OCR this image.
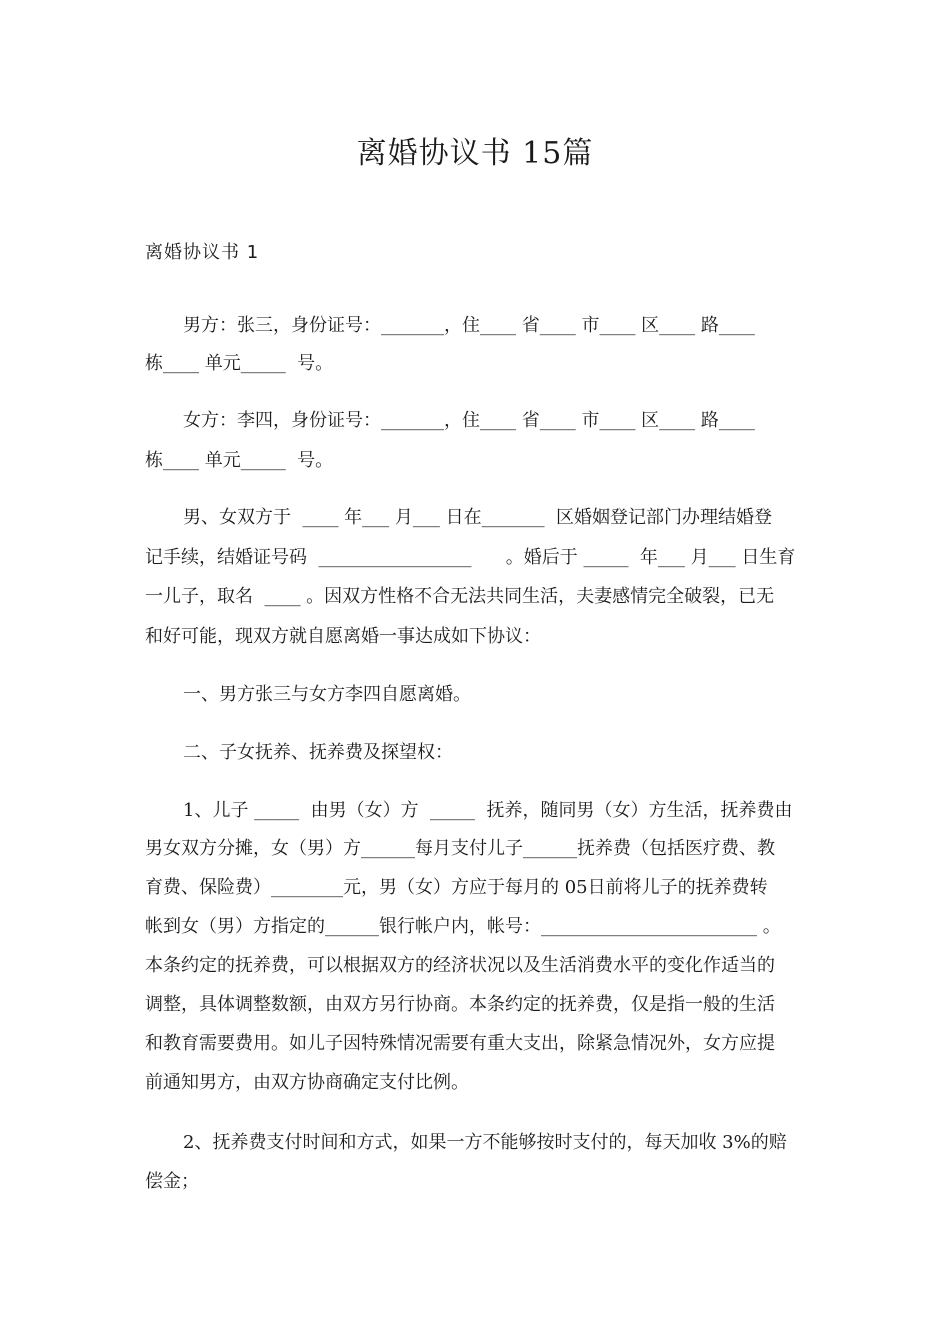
离婚协议书 15篇
离婚协议书 1
男方：张三，身份证号：_______，住____ 省____ 市____ 区____ 路____
栋____ 单元_____  号。
女方：李四，身份证号：_______，住____ 省____ 市____ 区____ 路____
栋____ 单元_____  号。
男、女双方于  ____ 年___ 月___ 日在_______  区婚姻登记部门办理结婚登
记手续，结婚证号码  _________________      。婚后于 _____  年___ 月___ 日生育
一儿子，取名  ____ 。因双方性格不合无法共同生活，夫妻感情完全破裂，已无
和好可能，现双方就自愿离婚一事达成如下协议：
一、男方张三与女方李四自愿离婚。
二、子女抚养、抚养费及探望权：
1、儿子 _____  由男（女）方  _____  抚养，随同男（女）方生活，抚养费由
男女双方分摊，女（男）方______每月支付儿子______抚养费（包括医疗费、教
育费、保险费）________元，男（女）方应于每月的 05日前将儿子的抚养费转
帐到女（男）方指定的______银行帐户内，帐号：________________________ 。
本条约定的抚养费，可以根据双方的经济状况以及生活消费水平的变化作适当的
调整，具体调整数额，由双方另行协商。本条约定的抚养费，仅是指一般的生活
和教育需要费用。如儿子因特殊情况需要有重大支出，除紧急情况外，女方应提
前通知男方，由双方协商确定支付比例。
2、抚养费支付时间和方式，如果一方不能够按时支付的，每天加收 3%的赔
偿金；
